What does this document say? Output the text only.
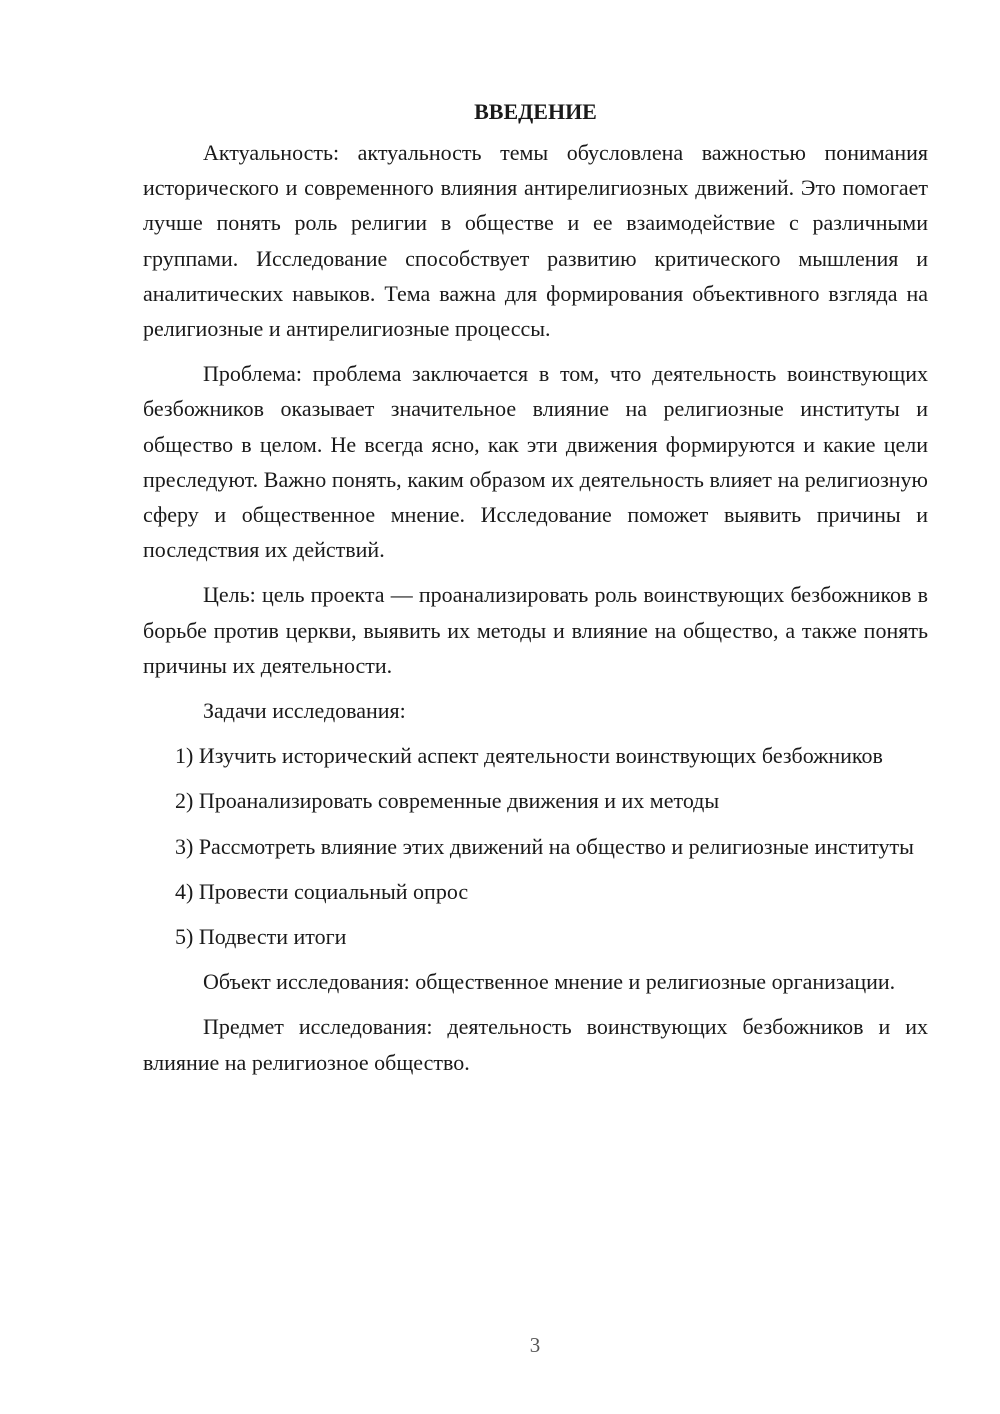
ВВЕДЕНИЕ

Актуальность: актуальность темы обусловлена важностью понимания исторического и современного влияния антирелигиозных движений. Это помогает лучше понять роль религии в обществе и ее взаимодействие с различными группами. Исследование способствует развитию критического мышления и аналитических навыков. Тема важна для формирования объективного взгляда на религиозные и антирелигиозные процессы.

Проблема: проблема заключается в том, что деятельность воинствующих безбожников оказывает значительное влияние на религиозные институты и общество в целом. Не всегда ясно, как эти движения формируются и какие цели преследуют. Важно понять, каким образом их деятельность влияет на религиозную сферу и общественное мнение. Исследование поможет выявить причины и последствия их действий.

Цель: цель проекта — проанализировать роль воинствующих безбожников в борьбе против церкви, выявить их методы и влияние на общество, а также понять причины их деятельности.

Задачи исследования:

1) Изучить исторический аспект деятельности воинствующих безбожников

2) Проанализировать современные движения и их методы

3) Рассмотреть влияние этих движений на общество и религиозные институты

4) Провести социальный опрос

5) Подвести итоги

Объект исследования: общественное мнение и религиозные организации.

Предмет исследования: деятельность воинствующих безбожников и их влияние на религиозное общество.

3
